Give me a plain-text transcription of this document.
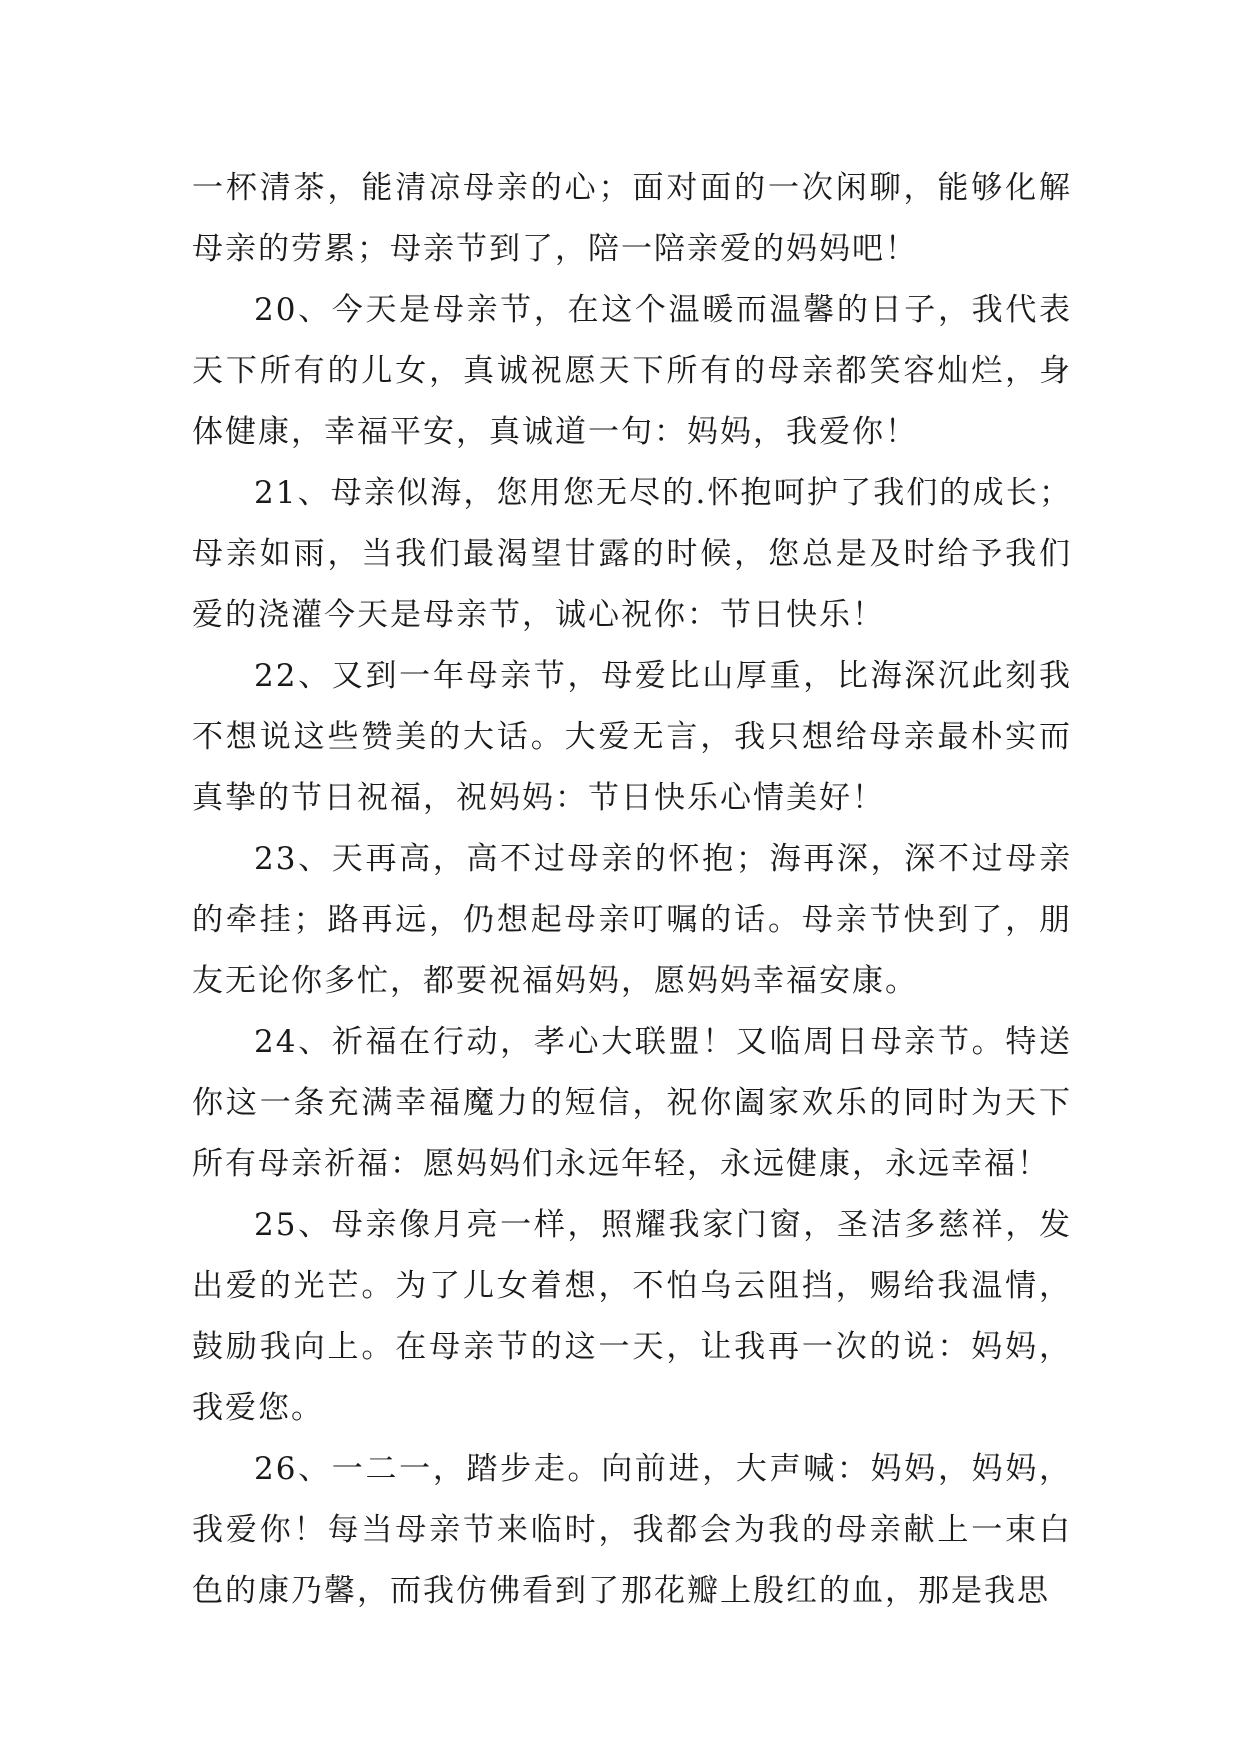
一杯清茶，能清凉母亲的心；面对面的一次闲聊，能够化解母亲的劳累；母亲节到了，陪一陪亲爱的妈妈吧！

20、今天是母亲节，在这个温暖而温馨的日子，我代表天下所有的儿女，真诚祝愿天下所有的母亲都笑容灿烂，身体健康，幸福平安，真诚道一句：妈妈，我爱你！

21、母亲似海，您用您无尽的.怀抱呵护了我们的成长；母亲如雨，当我们最渴望甘露的时候，您总是及时给予我们爱的浇灌今天是母亲节，诚心祝你：节日快乐！

22、又到一年母亲节，母爱比山厚重，比海深沉此刻我不想说这些赞美的大话。大爱无言，我只想给母亲最朴实而真挚的节日祝福，祝妈妈：节日快乐心情美好！

23、天再高，高不过母亲的怀抱；海再深，深不过母亲的牵挂；路再远，仍想起母亲叮嘱的话。母亲节快到了，朋友无论你多忙，都要祝福妈妈，愿妈妈幸福安康。

24、祈福在行动，孝心大联盟！又临周日母亲节。特送你这一条充满幸福魔力的短信，祝你阖家欢乐的同时为天下所有母亲祈福：愿妈妈们永远年轻，永远健康，永远幸福！

25、母亲像月亮一样，照耀我家门窗，圣洁多慈祥，发出爱的光芒。为了儿女着想，不怕乌云阻挡，赐给我温情，鼓励我向上。在母亲节的这一天，让我再一次的说：妈妈，我爱您。

26、一二一，踏步走。向前进，大声喊：妈妈，妈妈，我爱你！每当母亲节来临时，我都会为我的母亲献上一束白色的康乃馨，而我仿佛看到了那花瓣上殷红的血，那是我思
